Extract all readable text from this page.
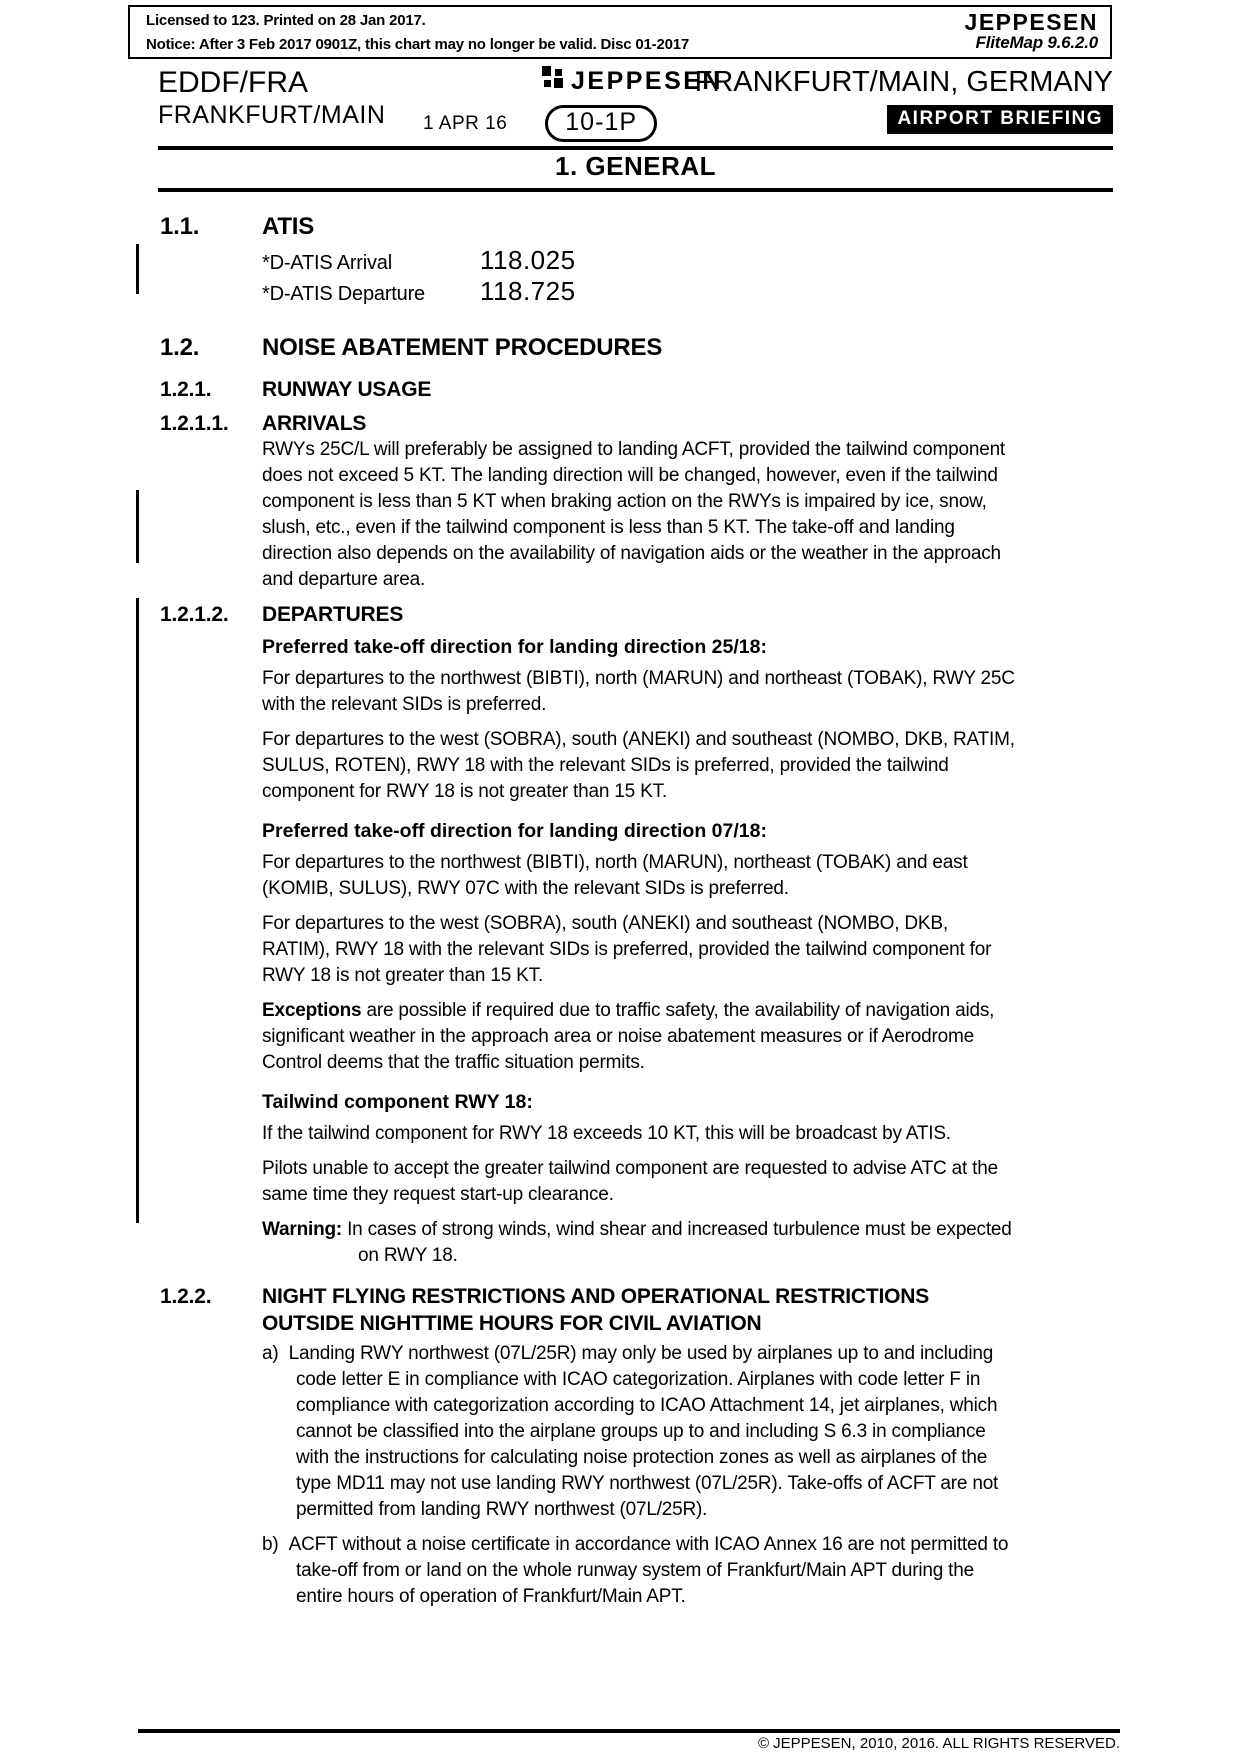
Licensed to 123. Printed on 28 Jan 2017.
Notice: After 3 Feb 2017 0901Z, this chart may no longer be valid. Disc 01-2017
JEPPESEN
FliteMap 9.6.2.0
EDDF/FRA
FRANKFURT/MAIN
JEPPESEN
1 APR 16	10-1P
FRANKFURT/MAIN, GERMANY
AIRPORT BRIEFING
1. GENERAL
1.1.	ATIS
*D-ATIS Arrival	118.025
*D-ATIS Departure	118.725
1.2.	NOISE ABATEMENT PROCEDURES
1.2.1.	RUNWAY USAGE
1.2.1.1.	ARRIVALS

RWYs 25C/L will preferably be assigned to landing ACFT, provided the tailwind component does not exceed 5 KT. The landing direction will be changed, however, even if the tailwind component is less than 5 KT when braking action on the RWYs is impaired by ice, snow, slush, etc., even if the tailwind component is less than 5 KT. The take-off and landing direction also depends on the availability of navigation aids or the weather in the approach and departure area.

1.2.1.2.	DEPARTURES
Preferred take-off direction for landing direction 25/18:

For departures to the northwest (BIBTI), north (MARUN) and northeast (TOBAK), RWY 25C with the relevant SIDs is preferred.

For departures to the west (SOBRA), south (ANEKI) and southeast (NOMBO, DKB, RATIM, SULUS, ROTEN), RWY 18 with the relevant SIDs is preferred, provided the tailwind component for RWY 18 is not greater than 15 KT.

Preferred take-off direction for landing direction 07/18:

For departures to the northwest (BIBTI), north (MARUN), northeast (TOBAK) and east (KOMIB, SULUS), RWY 07C with the relevant SIDs is preferred.

For departures to the west (SOBRA), south (ANEKI) and southeast (NOMBO, DKB, RATIM), RWY 18 with the relevant SIDs is preferred, provided the tailwind component for RWY 18 is not greater than 15 KT.

Exceptions are possible if required due to traffic safety, the availability of navigation aids, significant weather in the approach area or noise abatement measures or if Aerodrome Control deems that the traffic situation permits.

Tailwind component RWY 18:

If the tailwind component for RWY 18 exceeds 10 KT, this will be broadcast by ATIS.

Pilots unable to accept the greater tailwind component are requested to advise ATC at the same time they request start-up clearance.

Warning: In cases of strong winds, wind shear and increased turbulence must be expected on RWY 18.

1.2.2.	NIGHT FLYING RESTRICTIONS AND OPERATIONAL RESTRICTIONS
OUTSIDE NIGHTTIME HOURS FOR CIVIL AVIATION
a) Landing RWY northwest (07L/25R) may only be used by airplanes up to and including code letter E in compliance with ICAO categorization. Airplanes with code letter F in compliance with categorization according to ICAO Attachment 14, jet airplanes, which cannot be classified into the airplane groups up to and including S 6.3 in compliance with the instructions for calculating noise protection zones as well as airplanes of the type MD11 may not use landing RWY northwest (07L/25R). Take-offs of ACFT are not permitted from landing RWY northwest (07L/25R).
b) ACFT without a noise certificate in accordance with ICAO Annex 16 are not permitted to take-off from or land on the whole runway system of Frankfurt/Main APT during the entire hours of operation of Frankfurt/Main APT.
© JEPPESEN, 2010, 2016. ALL RIGHTS RESERVED.
